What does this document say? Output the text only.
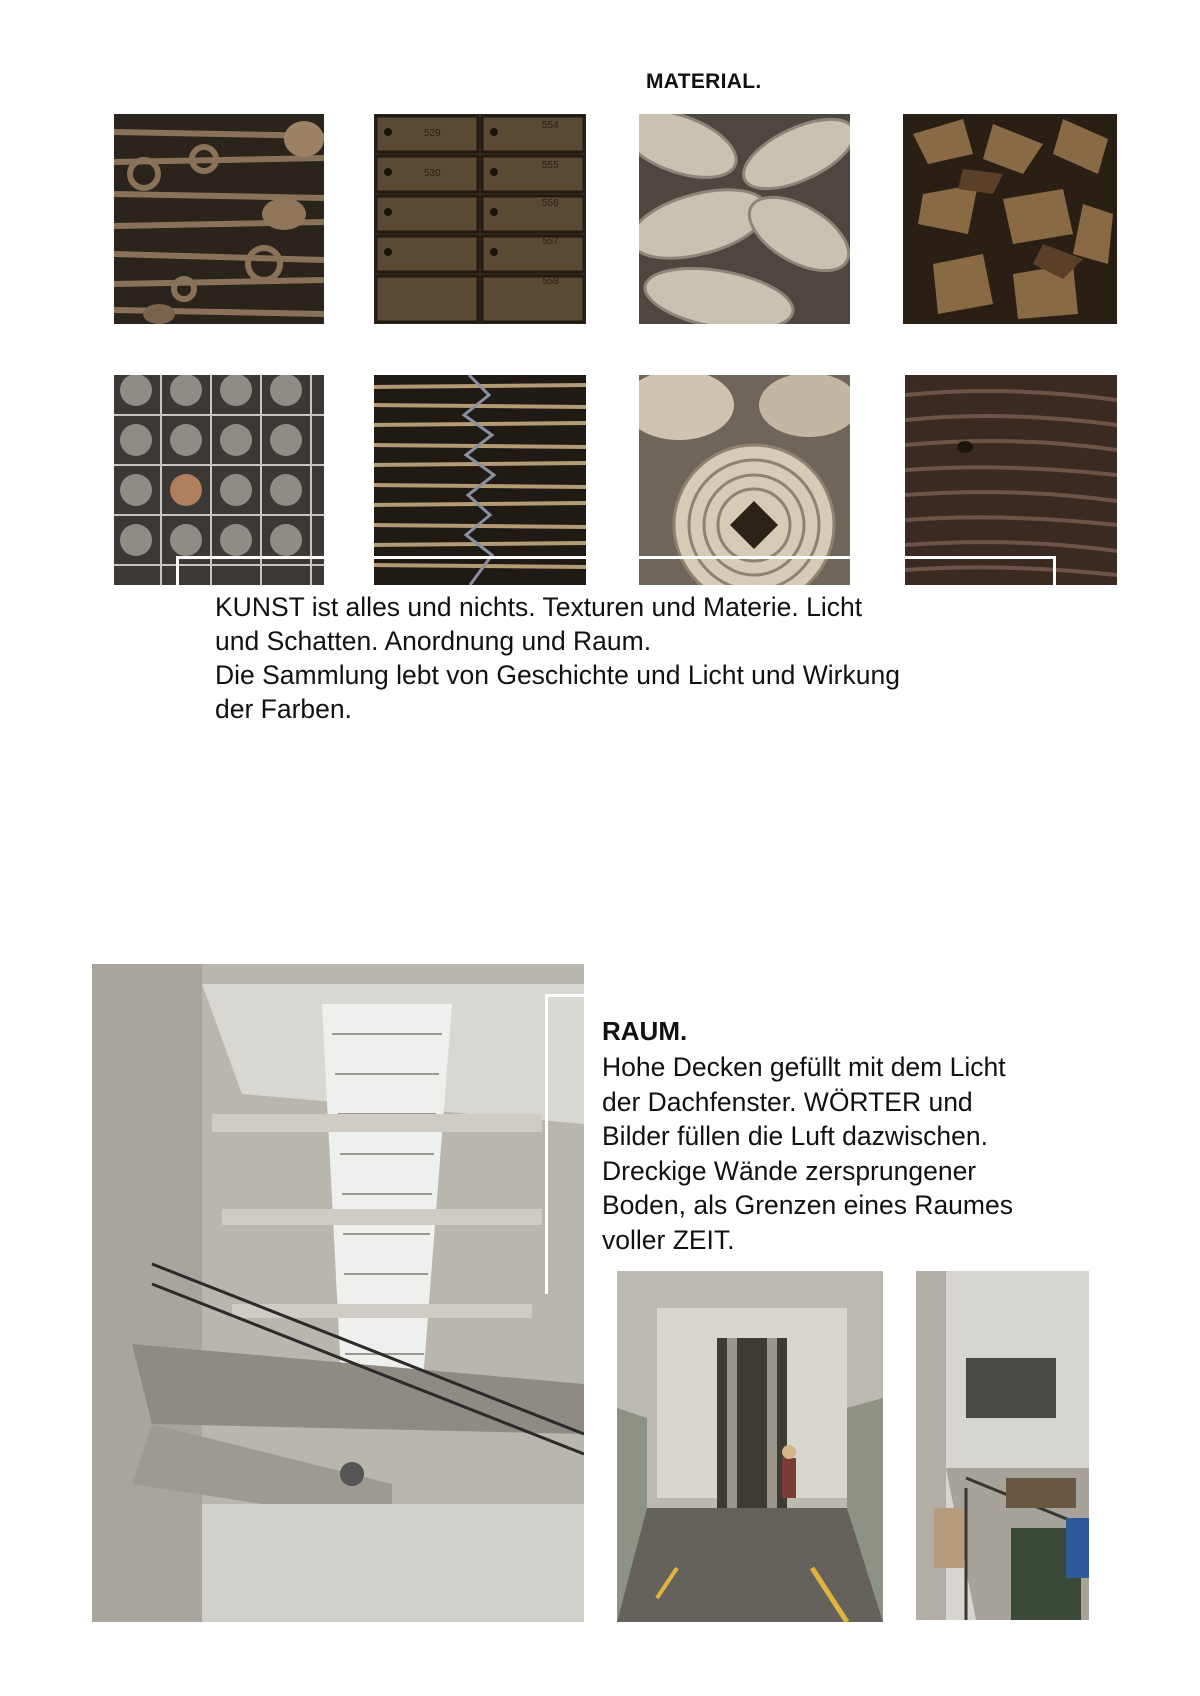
MATERIAL.
529
554
530
555
556
557
558

KUNST ist alles und nichts. Texturen und Materie. Licht

und Schatten. Anordnung und Raum.

Die Sammlung lebt von Geschichte und Licht und Wirkung

der Farben.

RAUM.

Hohe Decken gefüllt mit dem Licht

der Dachfenster. WÖRTER und

Bilder füllen die Luft dazwischen.

Dreckige Wände zersprungener

Boden, als Grenzen eines Raumes

voller ZEIT.
